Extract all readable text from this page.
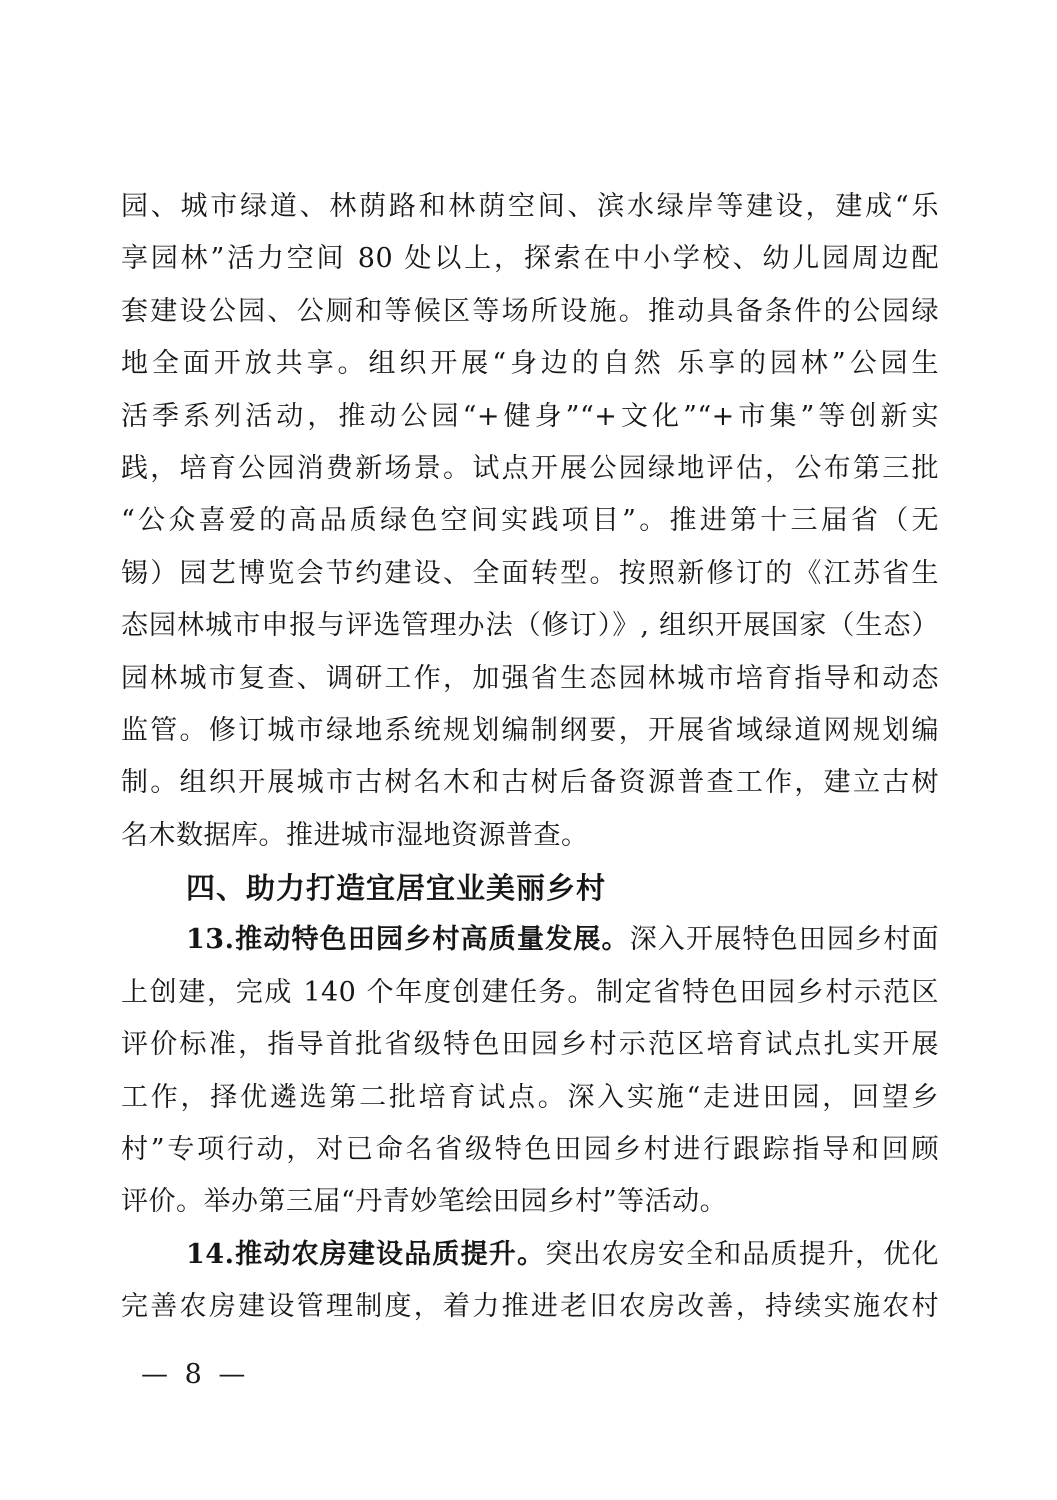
园、城市绿道、林荫路和林荫空间、滨水绿岸等建设，建成“乐
享园林”活力空间 80 处以上，探索在中小学校、幼儿园周边配
套建设公园、公厕和等候区等场所设施。推动具备条件的公园绿
地全面开放共享。组织开展“身边的自然 乐享的园林”公园生
活季系列活动，推动公园“+健身”“+文化”“+市集”等创新实
践，培育公园消费新场景。试点开展公园绿地评估，公布第三批
“公众喜爱的高品质绿色空间实践项目”。推进第十三届省（无
锡）园艺博览会节约建设、全面转型。按照新修订的《江苏省生
态园林城市申报与评选管理办法（修订）》, 组织开展国家（生态）
园林城市复查、调研工作，加强省生态园林城市培育指导和动态
监管。修订城市绿地系统规划编制纲要，开展省域绿道网规划编
制。组织开展城市古树名木和古树后备资源普查工作，建立古树
名木数据库。推进城市湿地资源普查。
四、助力打造宜居宜业美丽乡村
13.推动特色田园乡村高质量发展。深入开展特色田园乡村面
上创建，完成 140 个年度创建任务。制定省特色田园乡村示范区
评价标准，指导首批省级特色田园乡村示范区培育试点扎实开展
工作，择优遴选第二批培育试点。深入实施“走进田园，回望乡
村”专项行动，对已命名省级特色田园乡村进行跟踪指导和回顾
评价。举办第三届“丹青妙笔绘田园乡村”等活动。
14.推动农房建设品质提升。突出农房安全和品质提升，优化
完善农房建设管理制度，着力推进老旧农房改善，持续实施农村
— 8 —
